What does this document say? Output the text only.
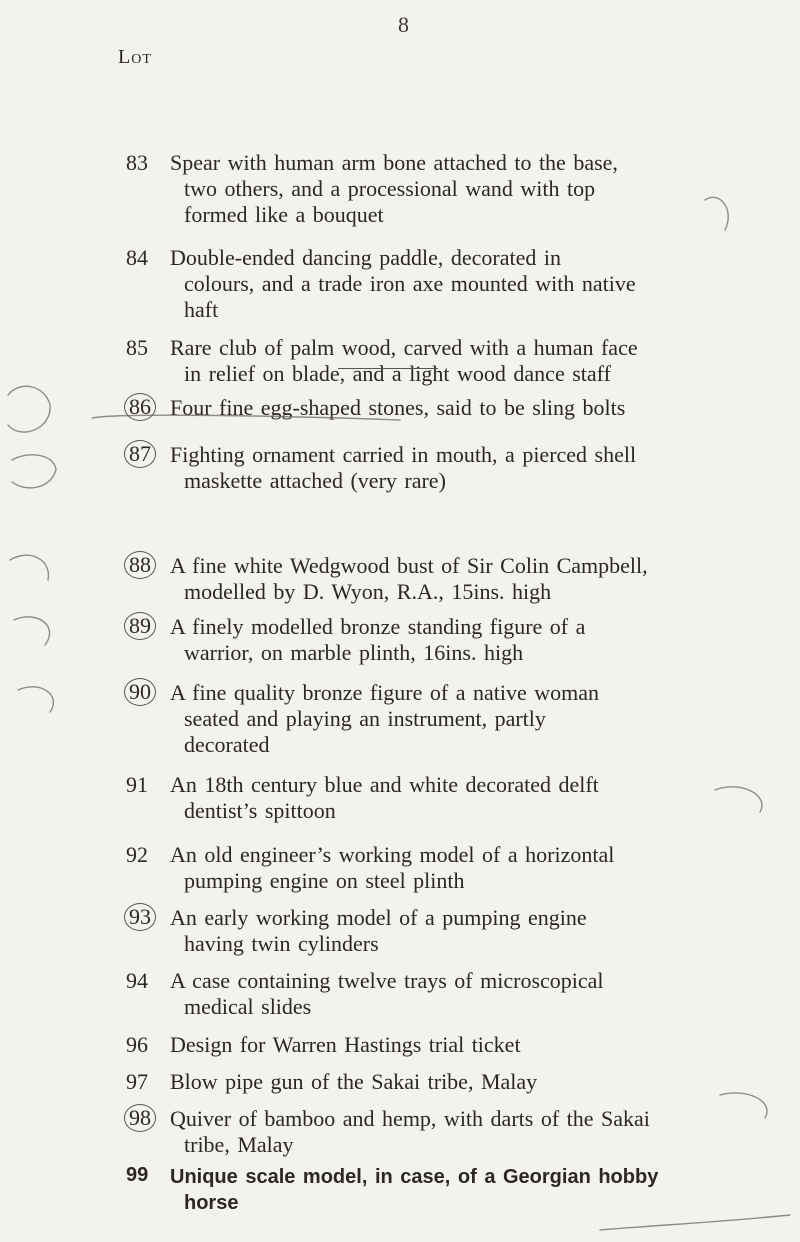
8
Lot
83	Spear with human arm bone attached to the base,
two others, and a processional wand with top
formed like a bouquet
84	Double-ended dancing paddle, decorated in
colours, and a trade iron axe mounted with native
haft
85	Rare club of palm wood, carved with a human face
in relief on blade, and a light wood dance staff
86 Four fine egg-shaped stones, said to be sling bolts
87 Fighting ornament carried in mouth, a pierced shell
maskette attached (very rare)
88 A fine white Wedgwood bust of Sir Colin Campbell,
modelled by D. Wyon, R.A., 15ins. high
89 A finely modelled bronze standing figure of a
warrior, on marble plinth, 16ins. high
90 A fine quality bronze figure of a native woman
seated and playing an instrument, partly
decorated
91	An 18th century blue and white decorated delft
dentist’s spittoon
92	An old engineer’s working model of a horizontal
pumping engine on steel plinth
93 An early working model of a pumping engine
having twin cylinders
94	A case containing twelve trays of microscopical
medical slides
96	Design for Warren Hastings trial ticket
97	Blow pipe gun of the Sakai tribe, Malay
98 Quiver of bamboo and hemp, with darts of the Sakai
tribe, Malay
99	Unique scale model, in case, of a Georgian hobby
horse
